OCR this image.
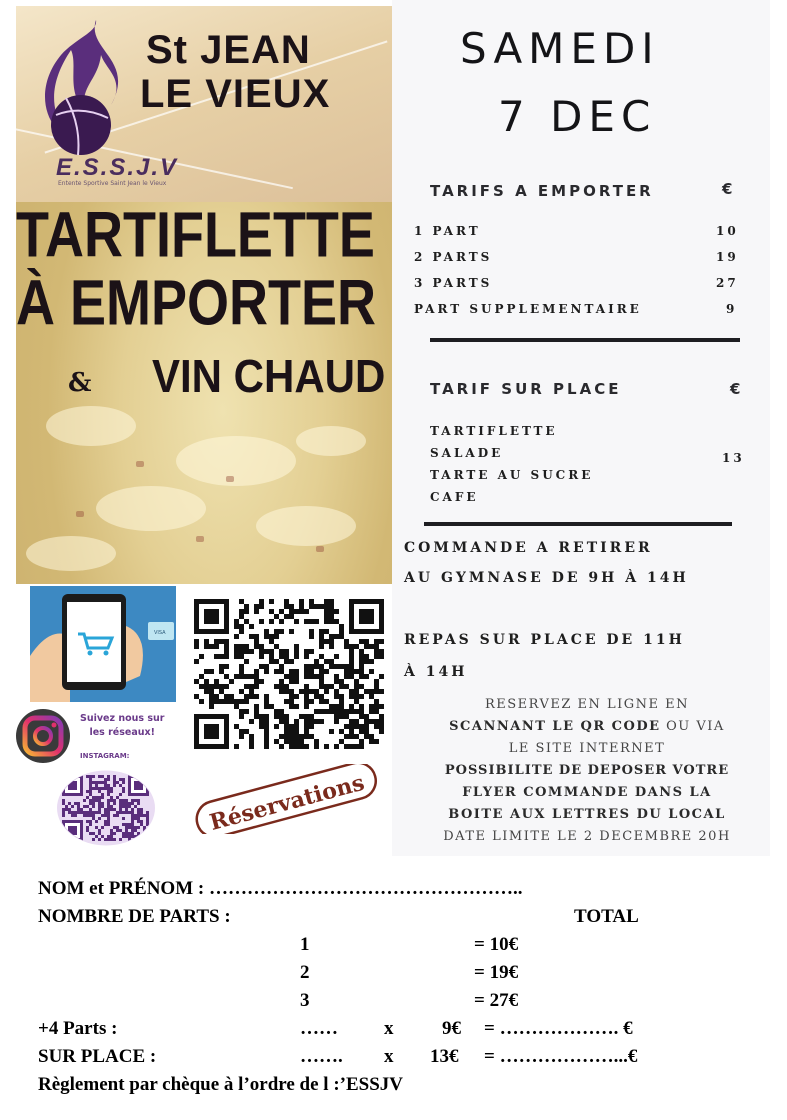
St JEAN
LE VIEUX
E.S.S.J.V
Entente Sportive Saint Jean le Vieux
TARTIFLETTE
À EMPORTER
& VIN CHAUD
VISA
Suivez nous sur
les réseaux!
INSTAGRAM:
Réservations
SAMEDI
7 DEC
TARIFS A EMPORTER	€
1 PART	10
2 PARTS	19
3 PARTS	27
PART SUPPLEMENTAIRE	9
TARIF SUR PLACE	€
TARTIFLETTE
SALADE
TARTE AU SUCRE
CAFE
13
COMMANDE A RETIRER
AU GYMNASE DE 9H À 14H
REPAS SUR PLACE DE 11H
À 14H
RESERVEZ EN LIGNE EN
SCANNANT LE QR CODE OU VIA
LE SITE INTERNET
POSSIBILITE DE DEPOSER VOTRE
FLYER COMMANDE DANS LA
BOITE AUX LETTRES DU LOCAL
DATE LIMITE LE 2 DECEMBRE 20H
NOM et PRÉNOM : …………………………………………..
NOMBRE DE PARTS :	TOTAL
1	= 10€
2	= 19€
3	= 27€
+4 Parts :	…… x	9€ = ………………. €
SUR PLACE :	……. x 13€ = ………………...€
Règlement par chèque à l’ordre de l :’ESSJV
